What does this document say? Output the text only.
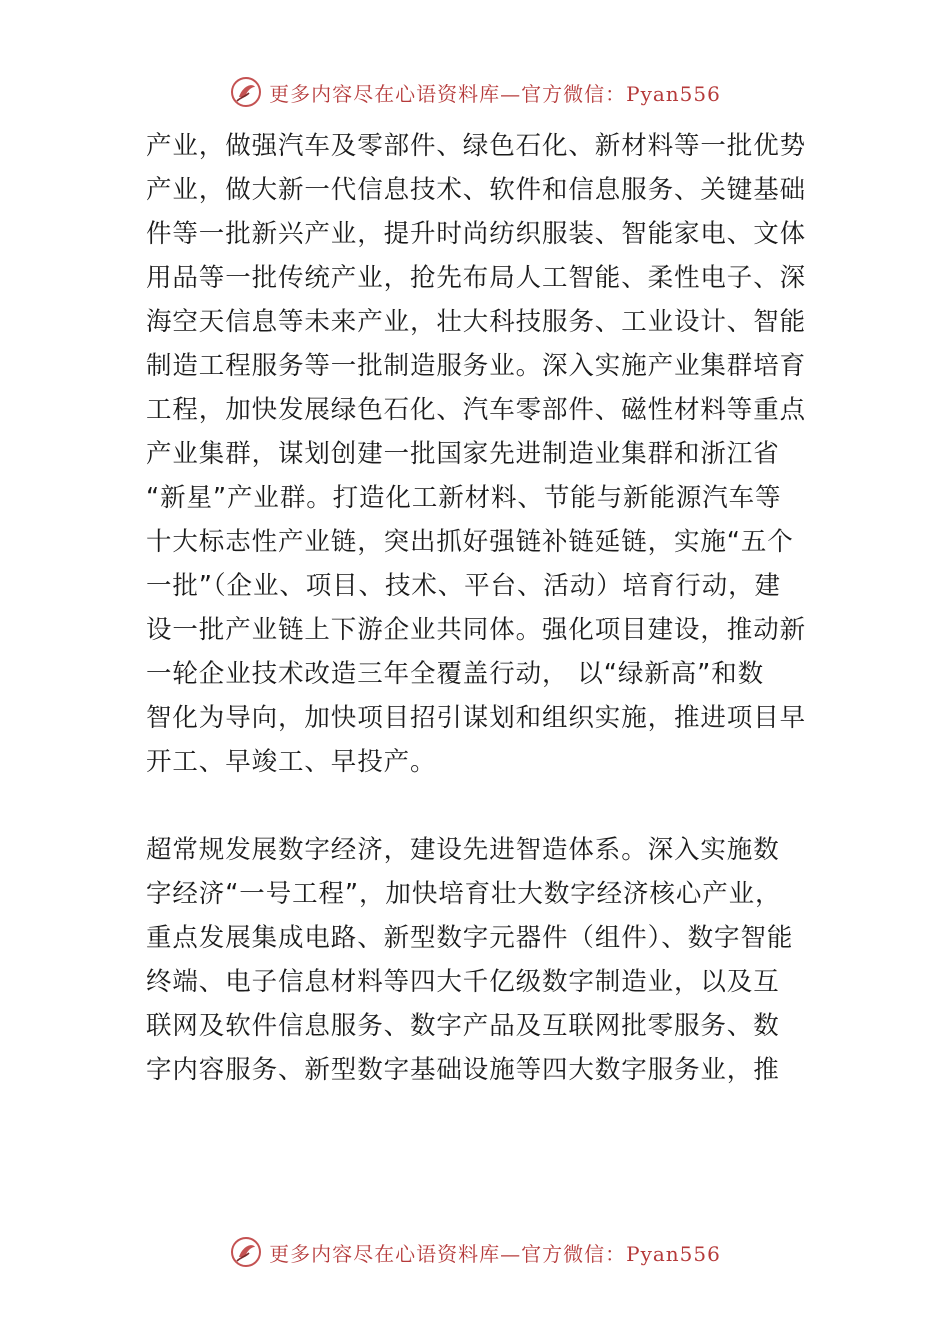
更多内容尽在心语资料库—官方微信：Pyan556
产业，做强汽车及零部件、绿色石化、新材料等一批优势
产业，做大新一代信息技术、软件和信息服务、关键基础
件等一批新兴产业，提升时尚纺织服装、智能家电、文体
用品等一批传统产业，抢先布局人工智能、柔性电子、深
海空天信息等未来产业，壮大科技服务、工业设计、智能
制造工程服务等一批制造服务业。深入实施产业集群培育
工程，加快发展绿色石化、汽车零部件、磁性材料等重点
产业集群，谋划创建一批国家先进制造业集群和浙江省
“新星”产业群。打造化工新材料、节能与新能源汽车等
十大标志性产业链，突出抓好强链补链延链，实施“五个
一批”（企业、项目、技术、平台、活动）培育行动，建
设一批产业链上下游企业共同体。强化项目建设，推动新
一轮企业技术改造三年全覆盖行动， 以“绿新高”和数
智化为导向，加快项目招引谋划和组织实施，推进项目早
开工、早竣工、早投产。
超常规发展数字经济，建设先进智造体系。深入实施数
字经济“一号工程”，加快培育壮大数字经济核心产业，
重点发展集成电路、新型数字元器件（组件）、数字智能
终端、电子信息材料等四大千亿级数字制造业，以及互
联网及软件信息服务、数字产品及互联网批零服务、数
字内容服务、新型数字基础设施等四大数字服务业，推
更多内容尽在心语资料库—官方微信：Pyan556
